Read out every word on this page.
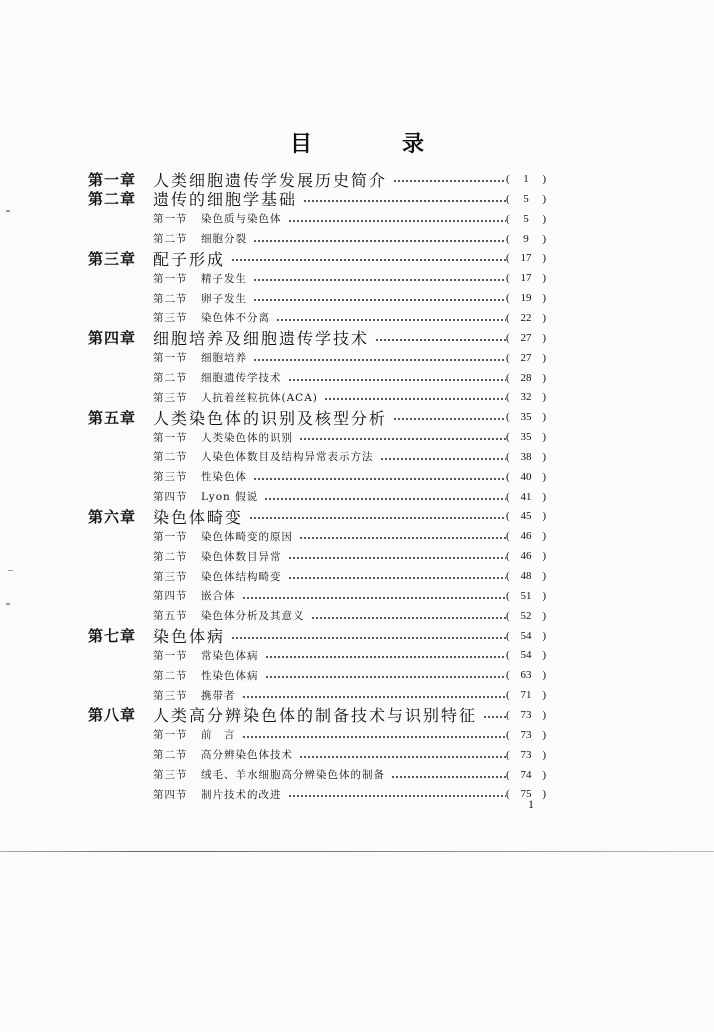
目　录
第一章 人类细胞遗传学发展历史简介	( 1 )
第二章 遗传的细胞学基础	( 5 )
第一节 染色质与染色体	( 5 )
第二节 细胞分裂	( 9 )
第三章 配子形成	( 17 )
第一节 精子发生	( 17 )
第二节 卵子发生	( 19 )
第三节 染色体不分离	( 22 )
第四章 细胞培养及细胞遗传学技术	( 27 )
第一节 细胞培养	( 27 )
第二节 细胞遗传学技术	( 28 )
第三节 人抗着丝粒抗体(ACA)	( 32 )
第五章 人类染色体的识别及核型分析	( 35 )
第一节 人类染色体的识别	( 35 )
第二节 人染色体数目及结构异常表示方法	( 38 )
第三节 性染色体	( 40 )
第四节 Lyon 假说	( 41 )
第六章 染色体畸变	( 45 )
第一节 染色体畸变的原因	( 46 )
第二节 染色体数目异常	( 46 )
第三节 染色体结构畸变	( 48 )
第四节 嵌合体	( 51 )
第五节 染色体分析及其意义	( 52 )
第七章 染色体病	( 54 )
第一节 常染色体病	( 54 )
第二节 性染色体病	( 63 )
第三节 携带者	( 71 )
第八章 人类高分辨染色体的制备技术与识别特征	( 73 )
第一节 前　言	( 73 )
第二节 高分辨染色体技术	( 73 )
第三节 绒毛、羊水细胞高分辨染色体的制备	( 74 )
第四节 制片技术的改进	( 75 )
1
